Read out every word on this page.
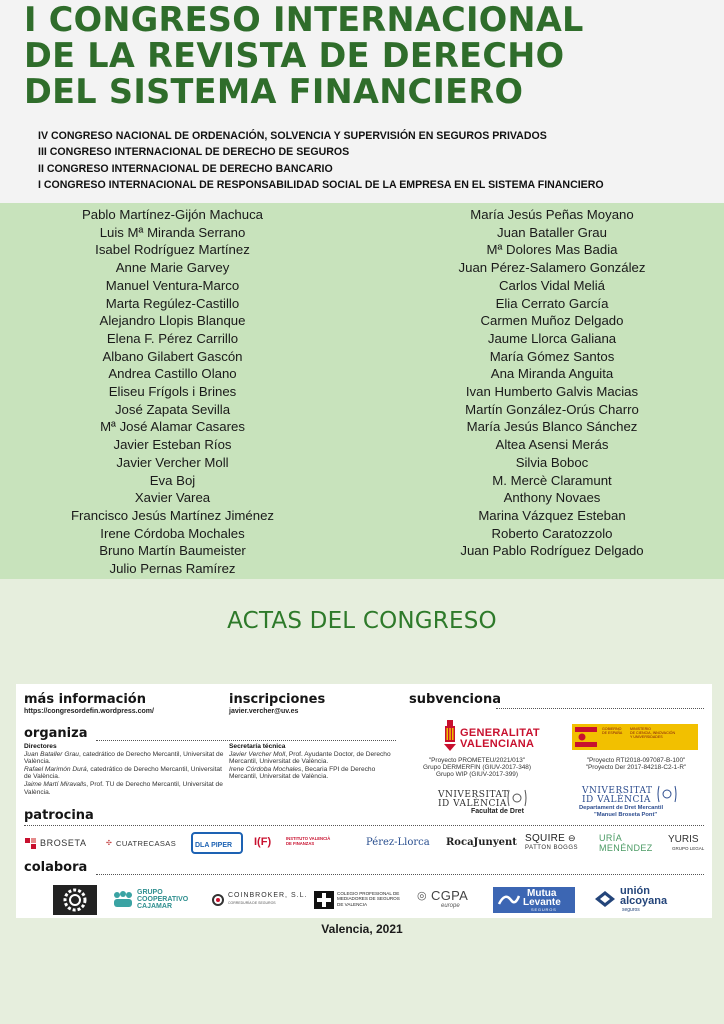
I CONGRESO INTERNACIONAL
DE LA REVISTA DE DERECHO
DEL SISTEMA FINANCIERO
IV CONGRESO NACIONAL DE ORDENACIÓN, SOLVENCIA Y SUPERVISIÓN EN SEGUROS PRIVADOS
III CONGRESO INTERNACIONAL DE DERECHO DE SEGUROS
II CONGRESO INTERNACIONAL DE DERECHO BANCARIO
I CONGRESO INTERNACIONAL DE RESPONSABILIDAD SOCIAL DE LA EMPRESA EN EL SISTEMA FINANCIERO
Pablo Martínez-Gijón Machuca
Luis Mª Miranda Serrano
Isabel Rodríguez Martínez
Anne Marie Garvey
Manuel Ventura-Marco
Marta Regúlez-Castillo
Alejandro Llopis Blanque
Elena F. Pérez Carrillo
Albano Gilabert Gascón
Andrea Castillo Olano
Eliseu Frígols i Brines
José Zapata Sevilla
Mª José Alamar Casares
Javier Esteban Ríos
Javier Vercher Moll
Eva Boj
Xavier Varea
Francisco Jesús Martínez Jiménez
Irene Córdoba Mochales
Bruno Martín Baumeister
Julio Pernas Ramírez
María Jesús Peñas Moyano
Juan Bataller Grau
Mª Dolores Mas Badia
Juan Pérez-Salamero González
Carlos Vidal Meliá
Elia Cerrato García
Carmen Muñoz Delgado
Jaume Llorca Galiana
María Gómez Santos
Ana Miranda Anguita
Ivan Humberto Galvis Macias
Martín González-Orús Charro
María Jesús Blanco Sánchez
Altea Asensi Merás
Silvia Boboc
M. Mercè Claramunt
Anthony Novaes
Marina Vázquez Esteban
Roberto Caratozzolo
Juan Pablo Rodríguez Delgado
ACTAS DEL CONGRESO
más información
https://congresordefin.wordpress.com/
inscripciones
javier.vercher@uv.es
subvenciona
organiza
Directores
Juan Bataller Grau, catedrático de Derecho Mercantil, Universitat de València.
Rafael Marimón Durá, catedrático de Derecho Mercantil, Universitat de València.
Jaime Martí Miravalls, Prof. TU de Derecho Mercantil, Universitat de València.
Secretaría técnica
Javier Vercher Moll, Prof. Ayudante Doctor, de Derecho Mercantil, Universitat de València.
Irene Córdoba Mochales, Becaria FPI de Derecho Mercantil, Universitat de València.
GENERALITAT
VALENCIANA
"Proyecto PROMETEU/2021/013"
Grupo DERMERFIN (GIUV-2017-348)
Grupo WIP (GIUV-2017-399)
GOBIERNO
DE ESPAÑA
MINISTERIO
DE CIENCIA, INNOVACIÓN
Y UNIVERSIDADES
"Proyecto RTI2018-097087-B-100"
"Proyecto Der 2017-84218-C2-1-R"
VNIVERSITAT
ID VALÈNCIA
Facultat de Dret
VNIVERSITAT
ID VALÈNCIA
Departament de Dret Mercantil
"Manuel Broseta Pont"
patrocina
BROSETA	✣ CUATRECASAS	DLA PIPER I(F)	INSTITUTO VALENCIÀ
DE FINANZAS	Pérez-Llorca RocaJunyent SQUIRE ⊖
PATTON BOGGS
URÍA
MENÉNDEZ
YURIS
GRUPO LEGAL
colabora
GRUPO
COOPERATIVO
CAJAMAR
COINBROKER, S.L.
CORREDURÍA DE SEGUROS
COLEGIO PROFESIONAL DE
MEDIADORES DE SEGUROS
DE VALENCIA
◎ CGPA
europe
Mutua
Levante
SEGUROS
unión
alcoyana
seguros
Valencia, 2021
